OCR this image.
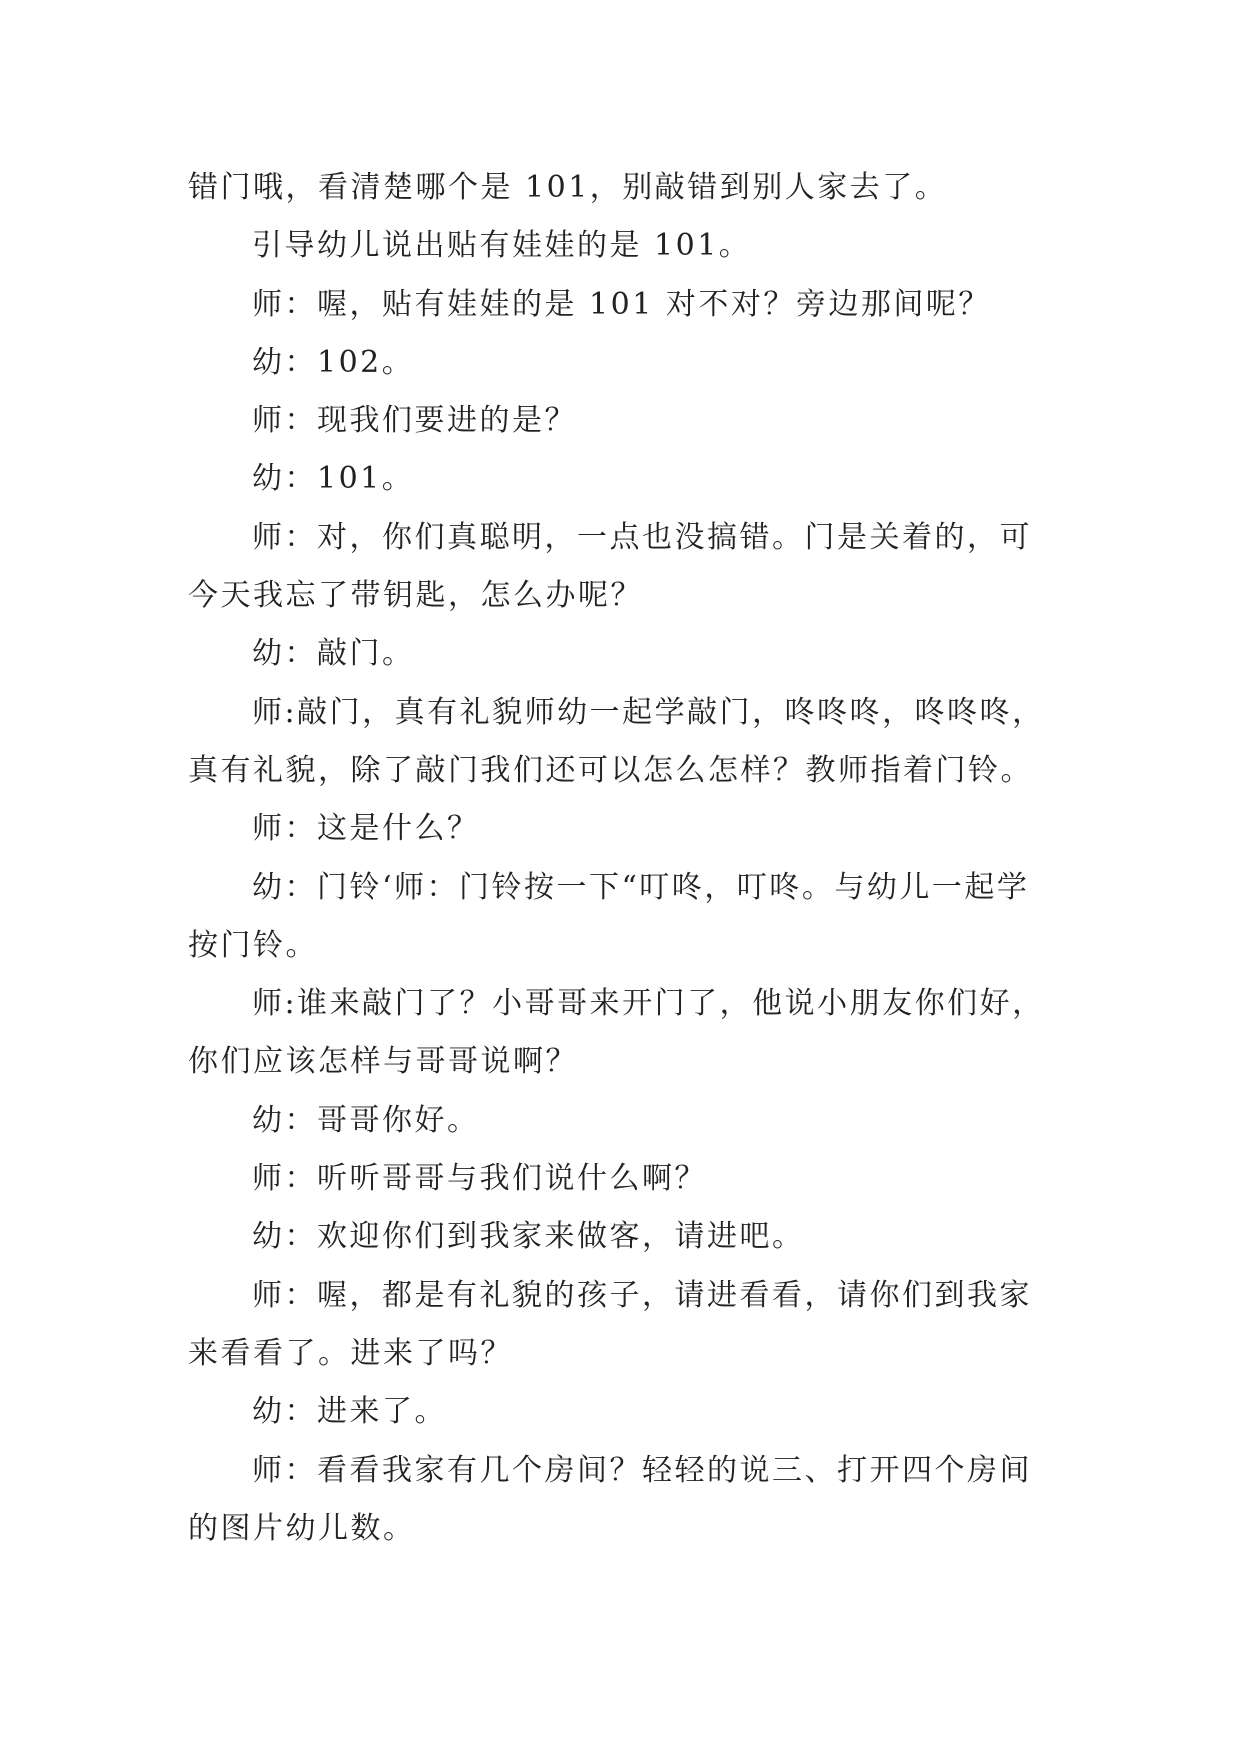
错门哦，看清楚哪个是 101，别敲错到别人家去了。

引导幼儿说出贴有娃娃的是 101。

师：喔，贴有娃娃的是 101 对不对？旁边那间呢？

幼：102。

师：现我们要进的是？

幼：101。

师：对，你们真聪明，一点也没搞错。门是关着的，可今天我忘了带钥匙，怎么办呢？

幼：敲门。

师:敲门，真有礼貌师幼一起学敲门，咚咚咚，咚咚咚，真有礼貌，除了敲门我们还可以怎么怎样？教师指着门铃。

师：这是什么？

幼：门铃‘师：门铃按一下“叮咚，叮咚。与幼儿一起学按门铃。

师:谁来敲门了？小哥哥来开门了，他说小朋友你们好，你们应该怎样与哥哥说啊？

幼：哥哥你好。

师：听听哥哥与我们说什么啊？

幼：欢迎你们到我家来做客，请进吧。

师：喔，都是有礼貌的孩子，请进看看，请你们到我家来看看了。进来了吗？

幼：进来了。

师：看看我家有几个房间？轻轻的说三、打开四个房间的图片幼儿数。
